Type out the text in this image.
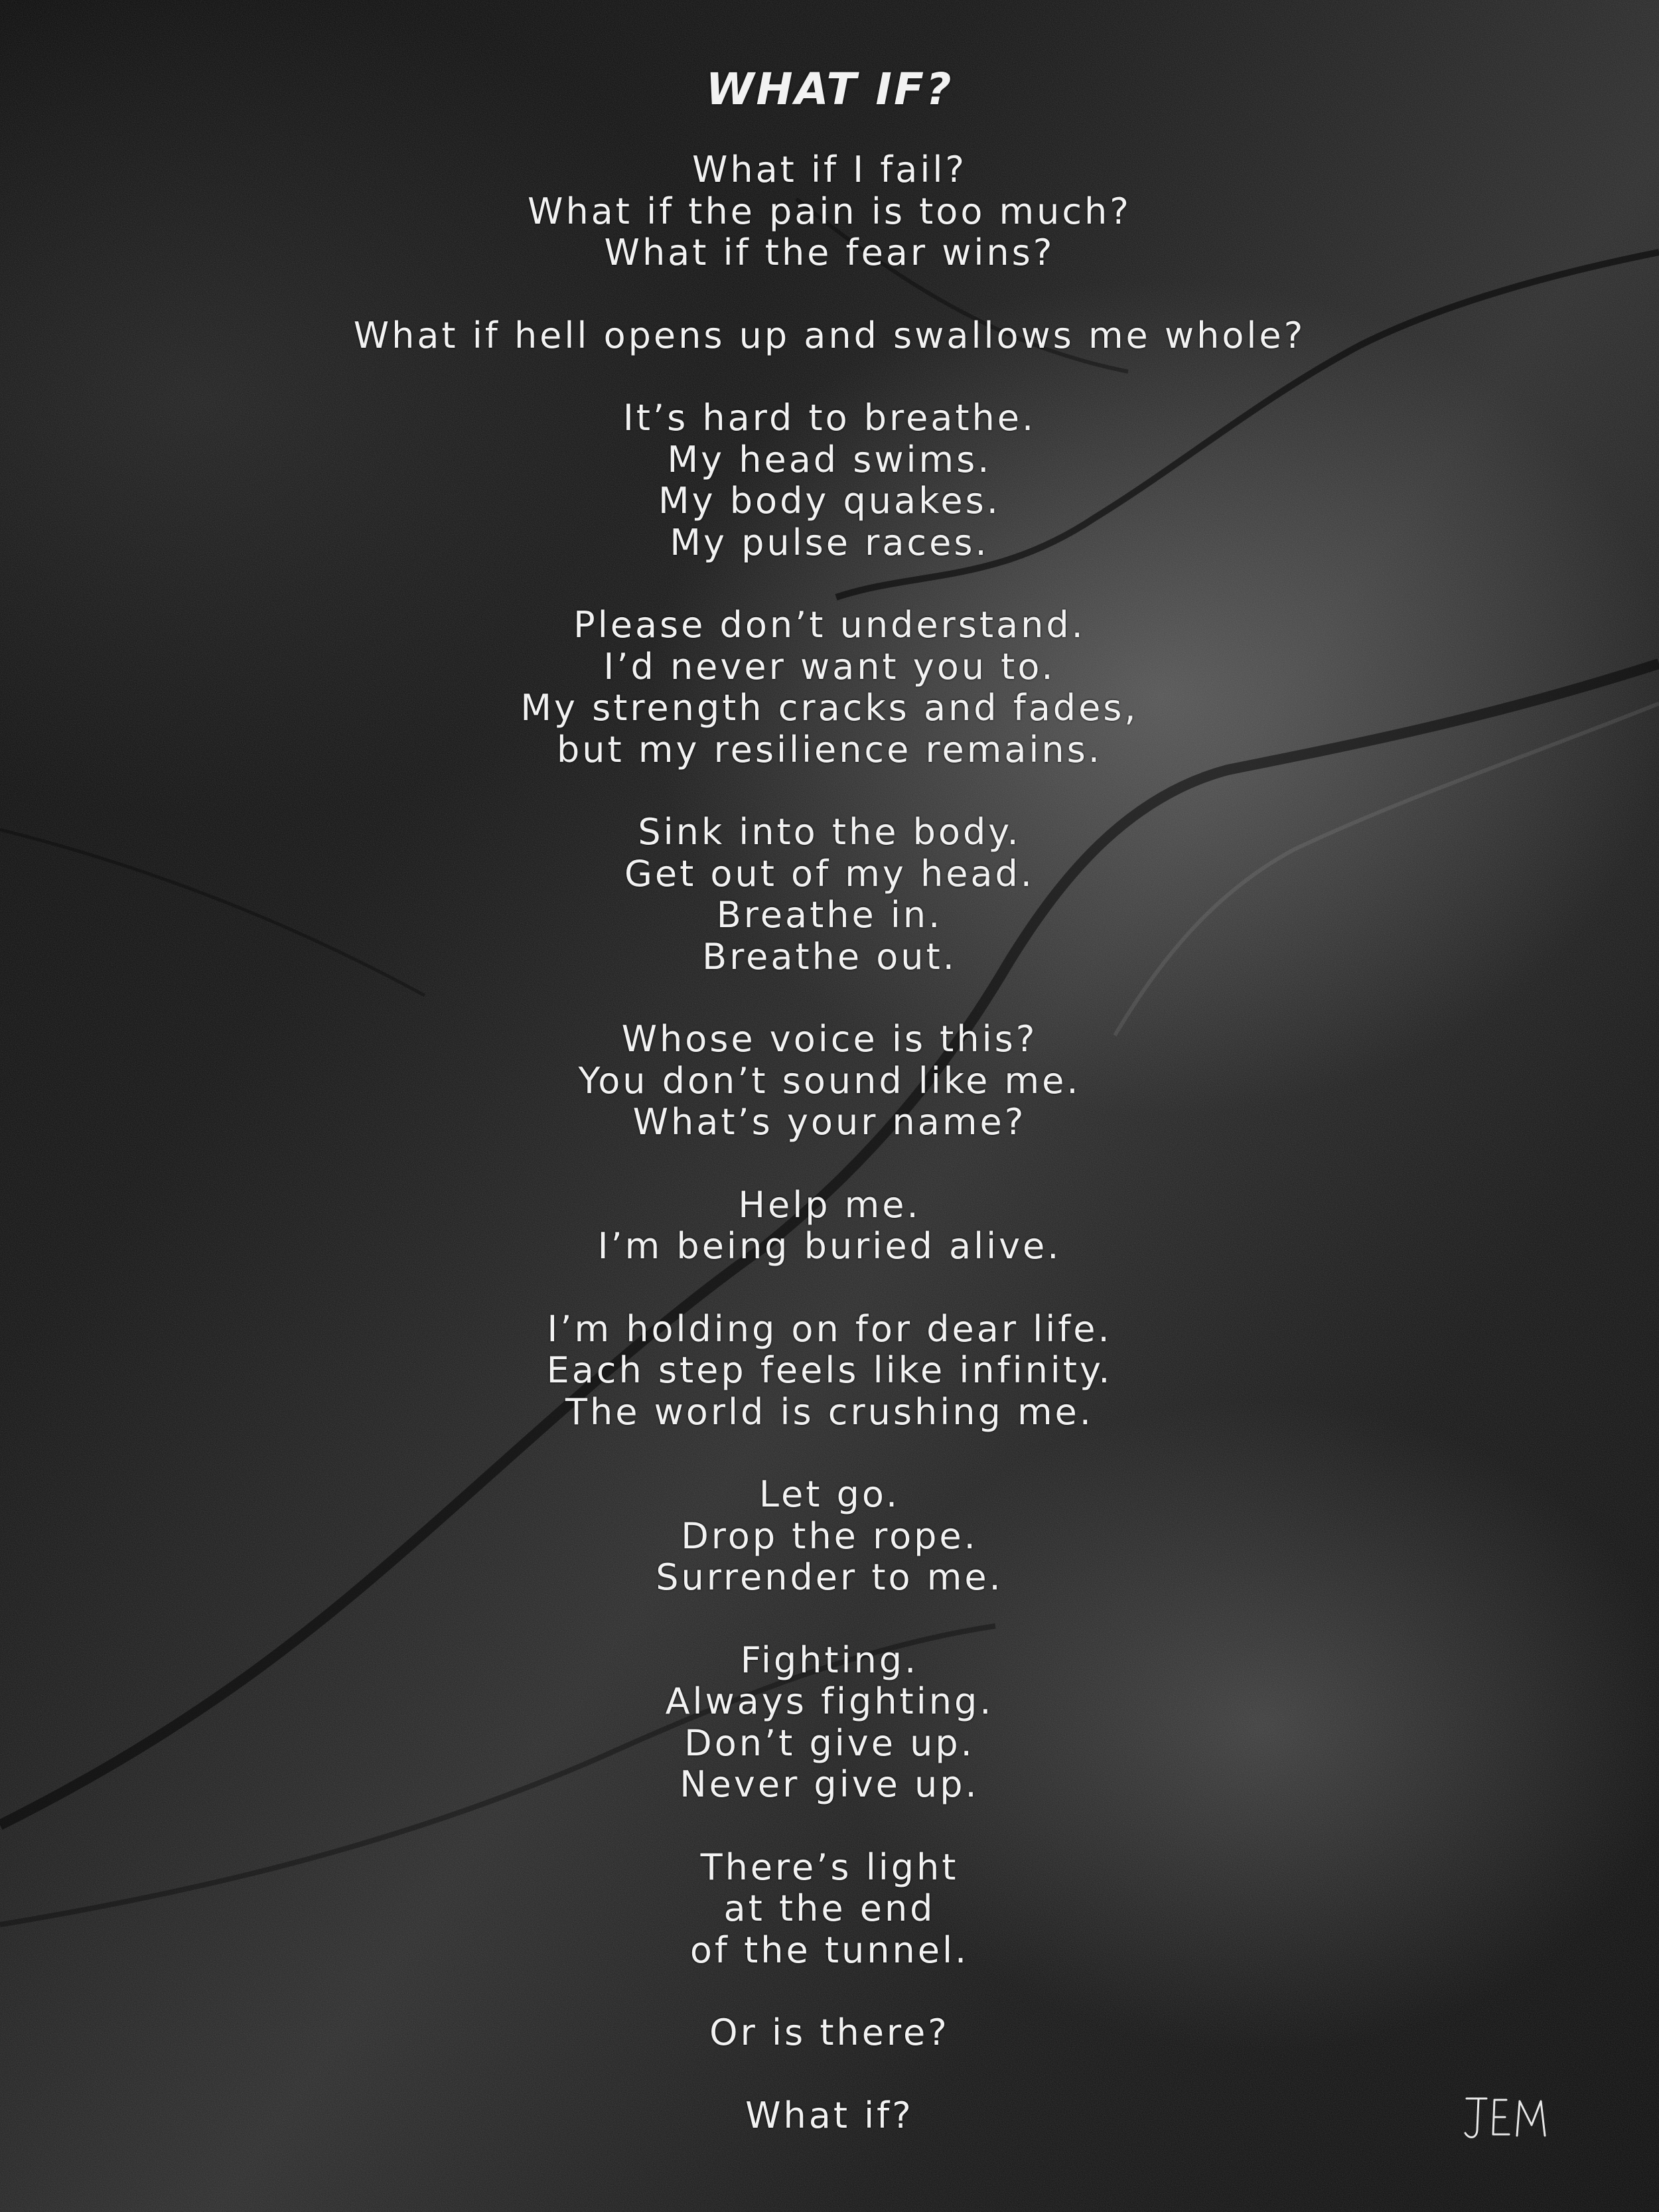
WHAT IF?
What if I fail?
What if the pain is too much?
What if the fear wins?
What if hell opens up and swallows me whole?
It’s hard to breathe.
My head swims.
My body quakes.
My pulse races.
Please don’t understand.
I’d never want you to.
My strength cracks and fades,
but my resilience remains.
Sink into the body.
Get out of my head.
Breathe in.
Breathe out.
Whose voice is this?
You don’t sound like me.
What’s your name?
Help me.
I’m being buried alive.
I’m holding on for dear life.
Each step feels like infinity.
The world is crushing me.
Let go.
Drop the rope.
Surrender to me.
Fighting.
Always fighting.
Don’t give up.
Never give up.
There’s light
at the end
of the tunnel.
Or is there?
What if?
